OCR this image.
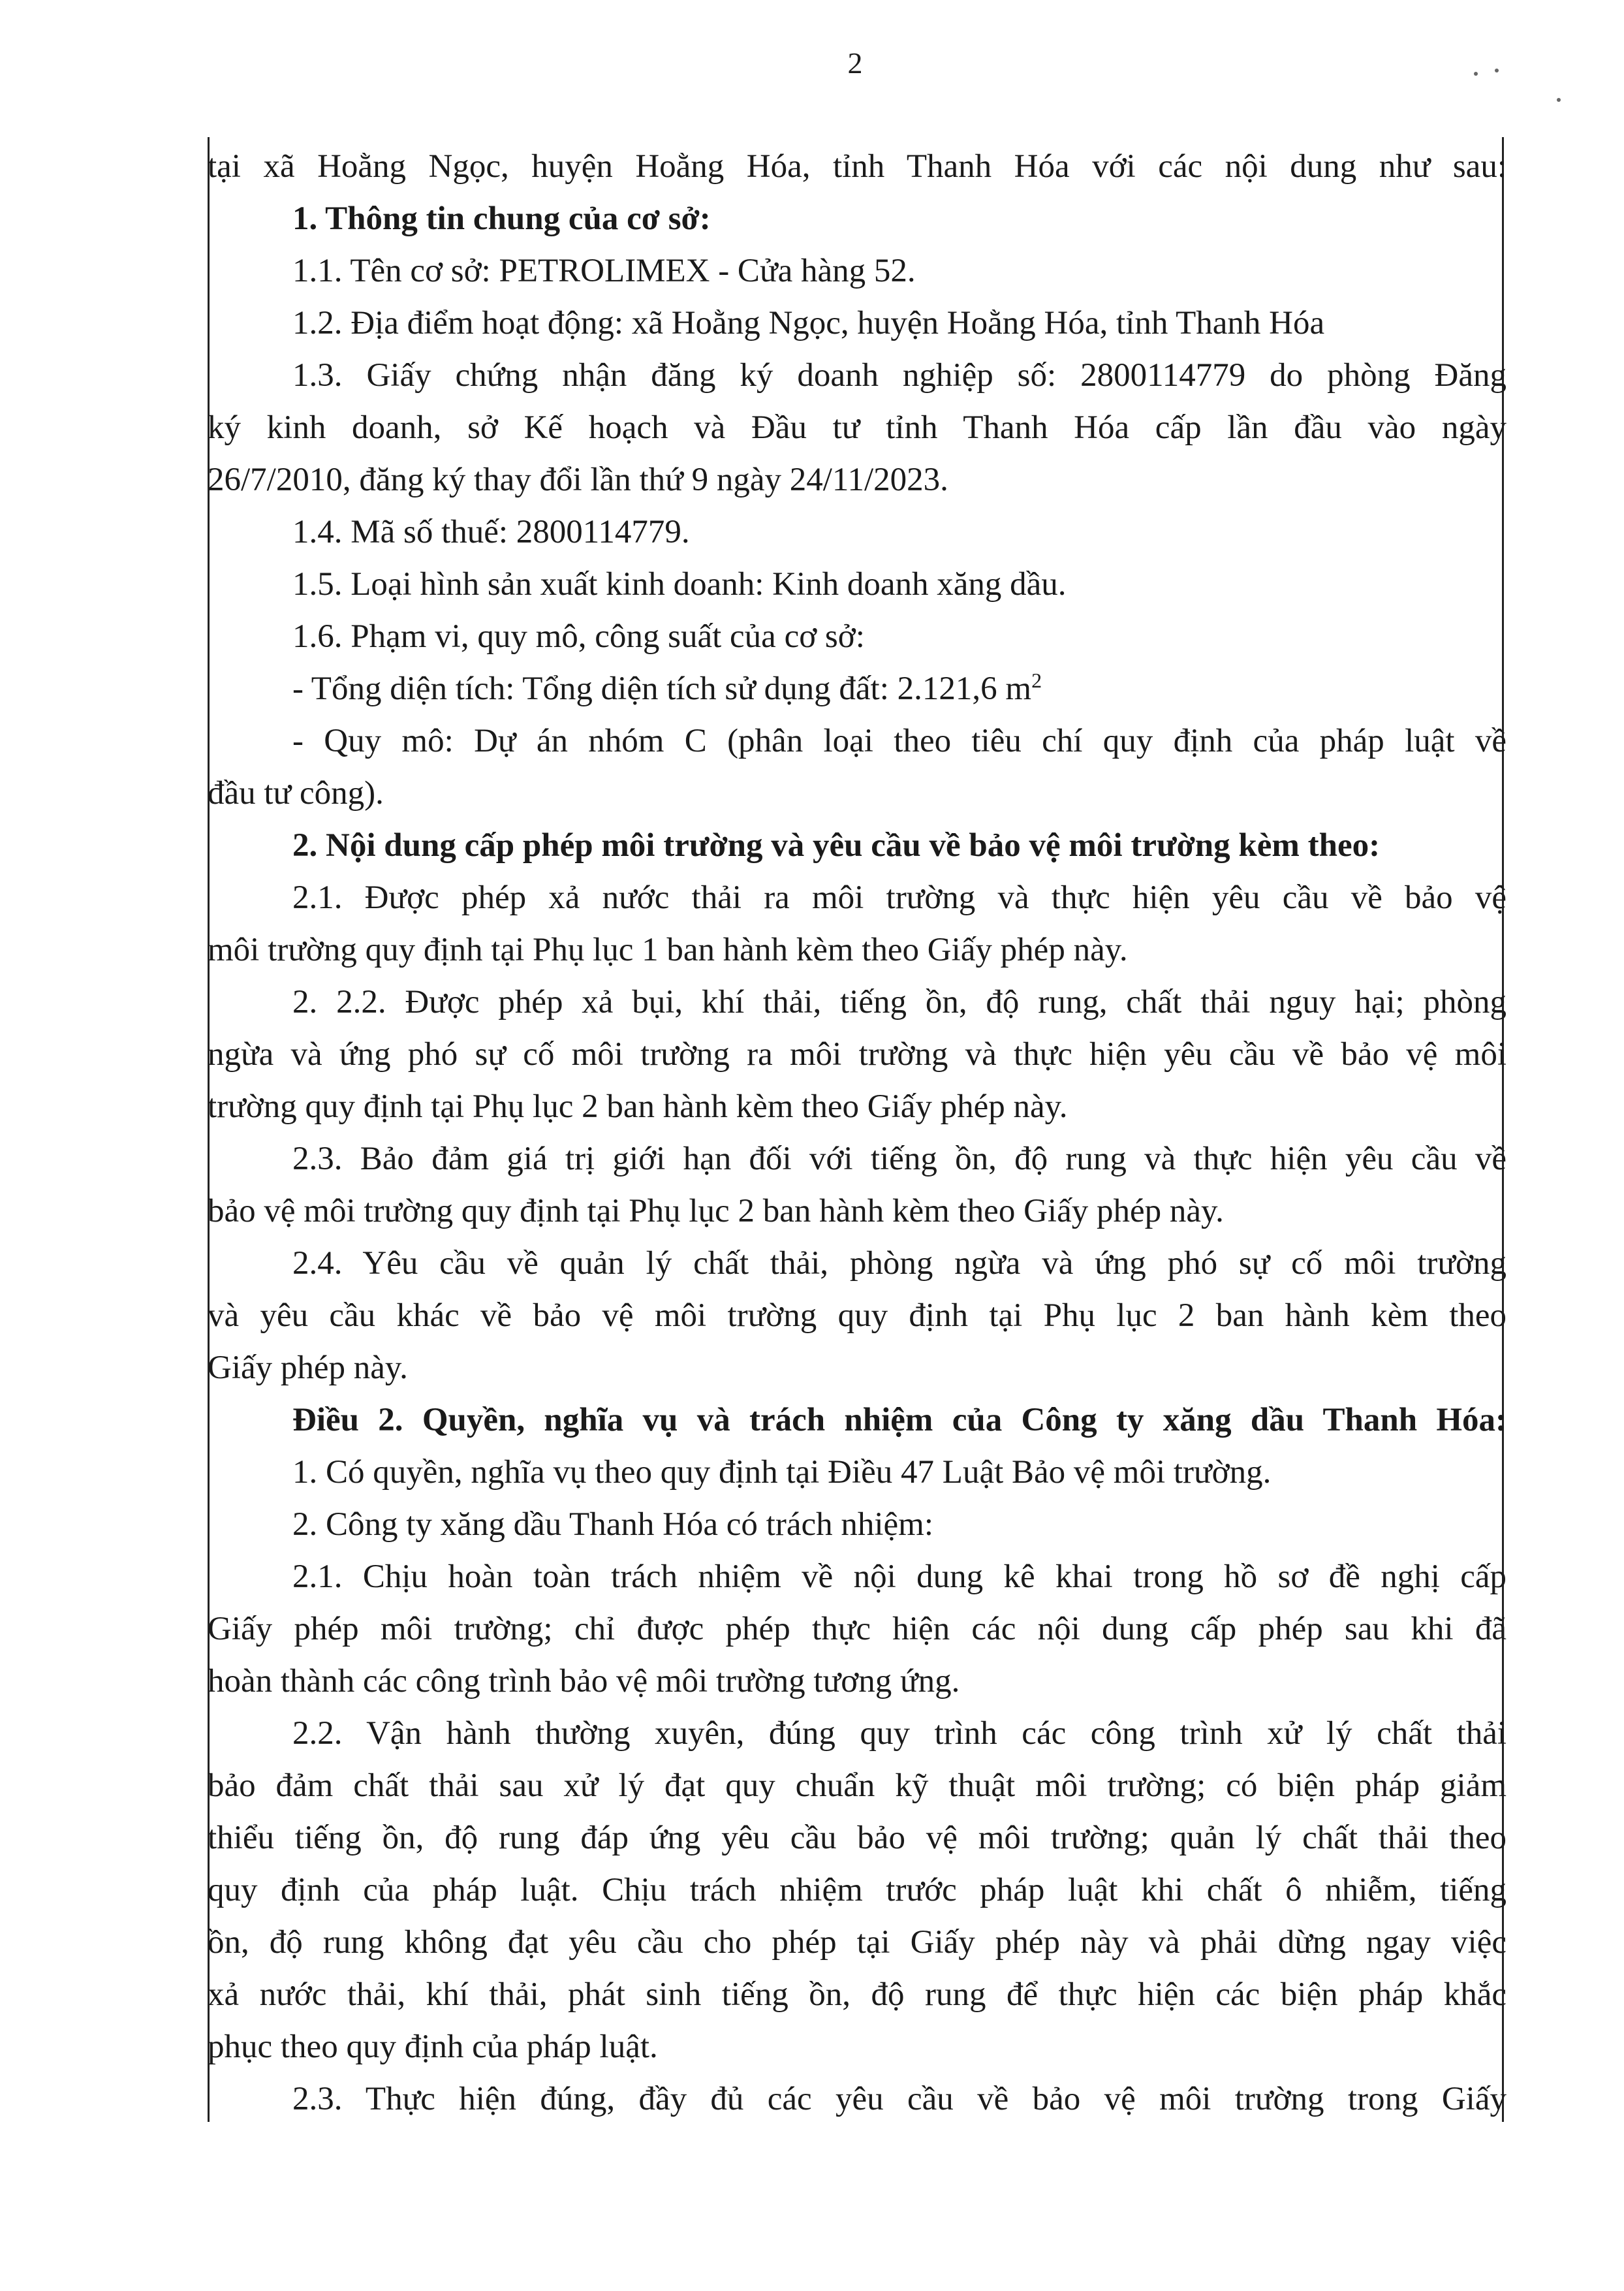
2
tại xã Hoằng Ngọc, huyện Hoằng Hóa, tỉnh Thanh Hóa với các nội dung như sau:
1. Thông tin chung của cơ sở:
1.1. Tên cơ sở: PETROLIMEX - Cửa hàng 52.
1.2. Địa điểm hoạt động: xã Hoằng Ngọc, huyện Hoằng Hóa, tỉnh Thanh Hóa
1.3. Giấy chứng nhận đăng ký doanh nghiệp số: 2800114779 do phòng Đăng
ký kinh doanh, sở Kế hoạch và Đầu tư tỉnh Thanh Hóa cấp lần đầu vào ngày
26/7/2010, đăng ký thay đổi lần thứ 9 ngày 24/11/2023.
1.4. Mã số thuế: 2800114779.
1.5. Loại hình sản xuất kinh doanh: Kinh doanh xăng dầu.
1.6. Phạm vi, quy mô, công suất của cơ sở:
- Tổng diện tích: Tổng diện tích sử dụng đất: 2.121,6 $m^2$
- Quy mô: Dự án nhóm C (phân loại theo tiêu chí quy định của pháp luật về
đầu tư công).
2. Nội dung cấp phép môi trường và yêu cầu về bảo vệ môi trường kèm theo:
2.1. Được phép xả nước thải ra môi trường và thực hiện yêu cầu về bảo vệ
môi trường quy định tại Phụ lục 1 ban hành kèm theo Giấy phép này.
2. 2.2. Được phép xả bụi, khí thải, tiếng ồn, độ rung, chất thải nguy hại; phòng
ngừa và ứng phó sự cố môi trường ra môi trường và thực hiện yêu cầu về bảo vệ môi
trường quy định tại Phụ lục 2 ban hành kèm theo Giấy phép này.
2.3. Bảo đảm giá trị giới hạn đối với tiếng ồn, độ rung và thực hiện yêu cầu về
bảo vệ môi trường quy định tại Phụ lục 2 ban hành kèm theo Giấy phép này.
2.4. Yêu cầu về quản lý chất thải, phòng ngừa và ứng phó sự cố môi trường
và yêu cầu khác về bảo vệ môi trường quy định tại Phụ lục 2 ban hành kèm theo
Giấy phép này.
Điều 2. Quyền, nghĩa vụ và trách nhiệm của Công ty xăng dầu Thanh Hóa:
1. Có quyền, nghĩa vụ theo quy định tại Điều 47 Luật Bảo vệ môi trường.
2. Công ty xăng dầu Thanh Hóa có trách nhiệm:
2.1. Chịu hoàn toàn trách nhiệm về nội dung kê khai trong hồ sơ đề nghị cấp
Giấy phép môi trường; chỉ được phép thực hiện các nội dung cấp phép sau khi đã
hoàn thành các công trình bảo vệ môi trường tương ứng.
2.2. Vận hành thường xuyên, đúng quy trình các công trình xử lý chất thải
bảo đảm chất thải sau xử lý đạt quy chuẩn kỹ thuật môi trường; có biện pháp giảm
thiểu tiếng ồn, độ rung đáp ứng yêu cầu bảo vệ môi trường; quản lý chất thải theo
quy định của pháp luật. Chịu trách nhiệm trước pháp luật khi chất ô nhiễm, tiếng
ồn, độ rung không đạt yêu cầu cho phép tại Giấy phép này và phải dừng ngay việc
xả nước thải, khí thải, phát sinh tiếng ồn, độ rung để thực hiện các biện pháp khắc
phục theo quy định của pháp luật.
2.3. Thực hiện đúng, đầy đủ các yêu cầu về bảo vệ môi trường trong Giấy
